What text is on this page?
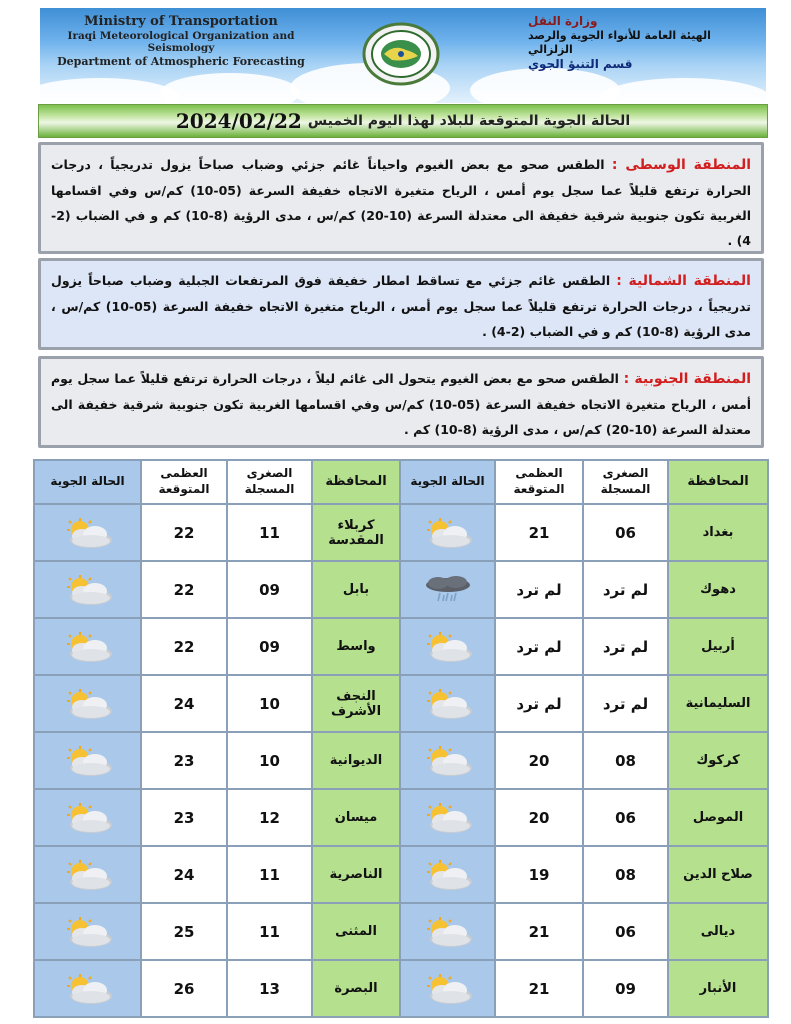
Ministry of Transportation
Iraqi Meteorological Organization and Seismology
Department of Atmospheric Forecasting
وزارة النقل
الهيئة العامة للأنواء الجوية والرصد الزلزالي
قسم التنبؤ الجوي
الحالة الجوية المتوقعة للبلاد لهذا اليوم الخميس
2024/02/22
المنطقة الوسطى : الطقس صحو مع بعض الغيوم واحياناً غائم جزئي وضباب صباحاً يزول تدريجياً ، درجات الحرارة ترتفع قليلاً عما سجل يوم أمس ، الرياح متغيرة الاتجاه خفيفة السرعة (05-10) كم/س وفي اقسامها الغربية تكون جنوبية شرقية خفيفة الى معتدلة السرعة (10-20) كم/س ، مدى الرؤية (8-10) كم و في الضباب (2-4) .
المنطقة الشمالية : الطقس غائم جزئي مع تساقط امطار خفيفة فوق المرتفعات الجبلية وضباب صباحاً يزول تدريجياً ، درجات الحرارة ترتفع قليلاً عما سجل يوم أمس ، الرياح متغيرة الاتجاه خفيفة السرعة (05-10) كم/س ، مدى الرؤية (8-10) كم و في الضباب (2-4) .
المنطقة الجنوبية : الطقس صحو مع بعض الغيوم يتحول الى غائم ليلاً ، درجات الحرارة ترتفع قليلاً عما سجل يوم أمس ، الرياح متغيرة الاتجاه خفيفة السرعة (05-10) كم/س وفي اقسامها الغربية تكون جنوبية شرقية خفيفة الى معتدلة السرعة (10-20) كم/س ، مدى الرؤية (8-10) كم .
المحافظة	الصغرى المسجلة	العظمى المتوقعة	الحالة الجوية	المحافظة	الصغرى المسجلة	العظمى المتوقعة	الحالة الجوية
بغداد	06	21		كربلاء المقدسة	11	22	

دهوك	لم ترد	لم ترد		بابل	09	22	

أربيل	لم ترد	لم ترد		واسط	09	22	

السليمانية	لم ترد	لم ترد		النجف الأشرف	10	24	

كركوك	08	20		الديوانية	10	23	

الموصل	06	20		ميسان	12	23	

صلاح الدين	08	19		الناصرية	11	24	

ديالى	06	21		المثنى	11	25	

الأنبار	09	21		البصرة	13	26	
